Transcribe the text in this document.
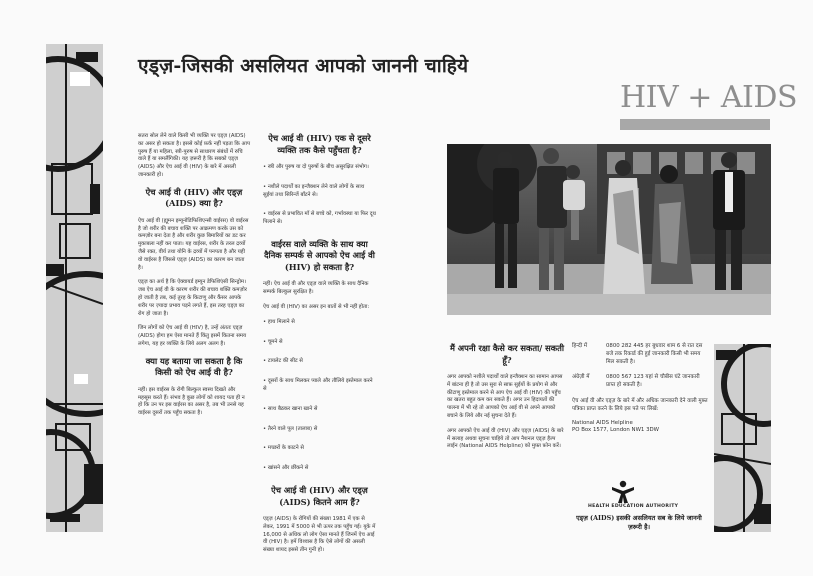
एड्ज़-जिसकी असलियत आपको जाननी चाहिये
HIV + AIDS

सतरा सोल लेने वाले किसी भी व्यक्ति पर एड्ज़ (AIDS) का असर हो सकता है। इससे कोई फ़र्क नहीं पड़ता कि आप पुरुष हैं या महिला, स्त्री-पुरुष से साधारण संबंधों में रुचि वाले हैं या समलैंगिकी। यह ज़रूरी है कि सबको एड्ज़ (AIDS) और ऐच आई वी (HIV) के बारे में असली जानकारी हो।

ऐच आई वी (HIV) और एड्ज़ (AIDS) क्या है?

ऐच आई वी (ह्यूमन इम्यूनोडिफिशिएन्सी वाईरस) वो वाईरस है जो शरीर की बचाव शक्ति पर आक्रमण करके उस को कमज़ोर बना देता है और शरीर कुछ बिमारियों का डट कर मुकाबला नहीं कर पाता। यह वाईरस, शरीर के तरल द्रव्यों जैसे रक्त, वीर्य तथा योनि के द्रव्यों में पनपता है और यही वो वाईरस है जिससे एड्ज़ (AIDS) का कारण बन जाता है।

एड्ज़ का अर्थ है कि ऐक्वायर्ड इम्यून डेफिशिएंसी सिन्ड्रोम। जब ऐच आई वी के कारण शरीर की बचाव शक्ति कमज़ोर हो जाती है तब, कई तुरह के किटाणु और कैंसर आपके शरीर पर ज़्यादा प्रभाव पड़ने लगते हैं, इस तरह एड्ज़ का रोग हो जाता है।

जिन लोगों को ऐच आई वी (HIV) है, उन्हें अंततः एड्ज़ (AIDS) होगा हम ऐसा मानते हैं किंतु इसमें कितना समय लगेगा, यह हर व्यक्ति के लिये अलग अलग है।

क्या यह बताया जा सकता है कि किसी को ऐच आई वी है?

नहीं। इस वाईरस के रोगी बिल्कुल स्वस्थ दिखते और महसूस करते हैं। संभव है कुछ लोगों को शायद पता ही न हो कि उन पर इस वाईरस का असर है, तब भी उनसे यह वाईरस दूसरों तक पहुँच सकता है।

ऐच आई वी (HIV) एक से दूसरे व्यक्ति तक कैसे पहुँचता है?
• स्त्री और पुरुष या दो पुरुषों के बीच असुरक्षित संभोग।
• नशीले पदार्थों का इन्जैक्शन लेने वाले लोगों के साथ सुईयां तथा सिरिन्जें बाँटने से।
• वाईरस से प्रभावित माँ से बच्चे को, गर्भावस्था या फिर दूध पिलाने से।
वाईरस वाले व्यक्ति के साथ क्या दैनिक सम्पर्क से आपको ऐच आई वी (HIV) हो सकता है?

नहीं। ऐच आई वी और एड्ज़ वाले व्यक्ति के साथ दैनिक सम्पर्क बिल्कुल सुरक्षित है।

ऐच आई वी (HIV) का असर इन बातों से भी नहीं होता:

• हाथ मिलाने से
• चूमने से
• टायलेट की सीट से
• दूसरों के साथ मिलकर प्याले और तौलिये इस्तेमाल करने से
• साथ बैठकर खाना खाने से
• तैरने वाले पूल (तालाब) से
• मच्छरों के काटने से
• खांसने और छींकने से
ऐच आई वी (HIV) और एड्ज़ (AIDS) कितने आम हैं?

एड्ज़ (AIDS) के रोगियों की संख्या 1981 में एक से लेकर, 1991 में 5000 से भी ऊपर तक पहुँच गई। यूके में 16,000 से अधिक लो लोग ऐसा मानते हैं जिनमें ऐच आई वी (HIV) है। हमें विश्वास है कि ऐसे लोगों की असली संख्या शायद इससे तीन गुनी हो।

मैं अपनी रक्षा कैसे कर सकता/ सकती हूँ?

अगर आपको नशीले पदार्थों वाले इन्जैक्शन का सामान आपस में बांटना ही है तो उस सुरा से साफ़ सुईयों के प्रयोग से और कीटाणु इस्तेमाल करने से आप ऐच आई वी (HIV) की पहुँच का खतरा बहुत कम कर सकते हैं। अगर उन हिदायतों की पालना में भी रहे तो आपको ऐच आई वी से अपने आपको बचाने के लिये और नई सुचना देते हैं।

अगर आपको ऐच आई वी (HIV) और एड्ज़ (AIDS) के बारे में सलाह अथवा सूचना चाहिये तो आप नैशनल एड्ज़ हैल्प लाईन (National AIDS Helpline) को मुफ़्त फ़ोन करें।

हिन्दी में	0800 282 445 हर बुधवार शाम 6 से रात दस बजे तक रिकार्ड की हुई जानकारी किसी भी समय मिल सकती है।
अंग्रेज़ी में	0800 567 123 यहां से चौबीस घंटे जानकारी प्राप्त हो सकती है।

ऐच आई वी और एड्ज़ के बारे में और अधिक जानकारी देने वाली मुफ़्त पत्रिका प्राप्त करने के लिये इस पते पर लिखें:

National AIDS Helpline
PO Box 1577, London NW1 3DW
HEALTH EDUCATION AUTHORITY
एड्ज़ (AIDS) इसकी असलियत सब के लिये जाननी ज़रूरी है।
